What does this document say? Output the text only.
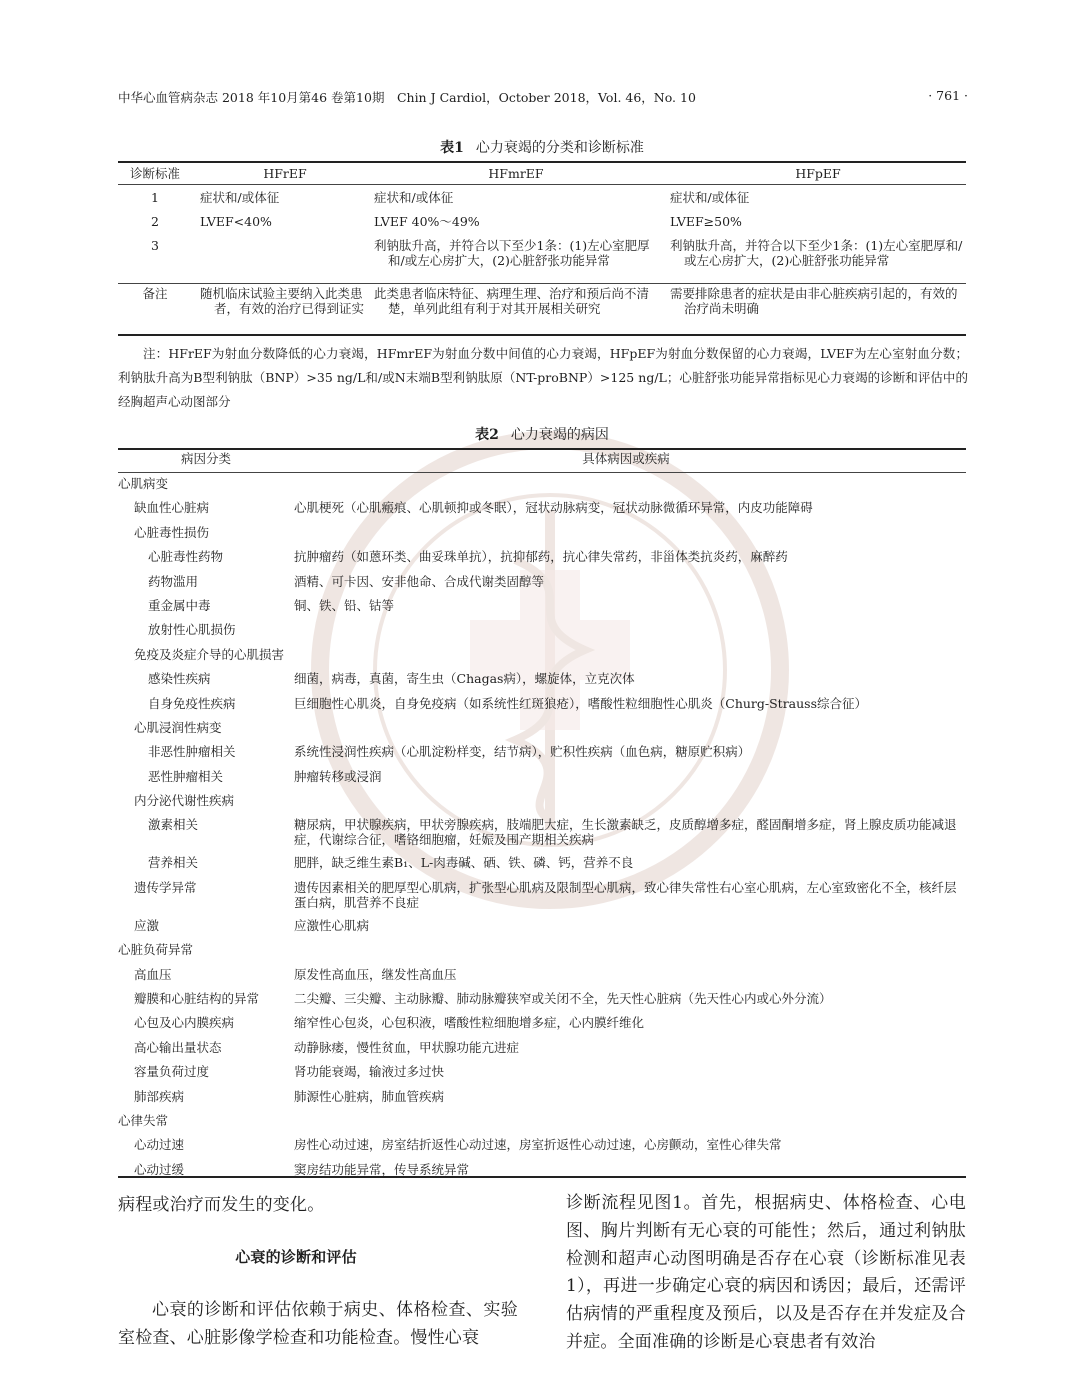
中华心血管病杂志 2018 年10月第46 卷第10期　Chin J Cardiol，October 2018，Vol. 46，No. 10	· 761 ·
表1 心力衰竭的分类和诊断标准
诊断标准	HFrEF	HFmrEF	HFpEF
1	症状和/或体征	症状和/或体征	症状和/或体征
2	LVEF<40%	LVEF 40%～49%	LVEF≥50%
3		利钠肽升高，并符合以下至少1条：(1)左心室肥厚和/或左心房扩大，(2)心脏舒张功能异常	利钠肽升高，并符合以下至少1条：(1)左心室肥厚和/或左心房扩大，(2)心脏舒张功能异常

备注	随机临床试验主要纳入此类患者，有效的治疗已得到证实	此类患者临床特征、病理生理、治疗和预后尚不清楚，单列此组有利于对其开展相关研究	需要排除患者的症状是由非心脏疾病引起的，有效的治疗尚未明确

注：HFrEF为射血分数降低的心力衰竭，HFmrEF为射血分数中间值的心力衰竭，HFpEF为射血分数保留的心力衰竭，LVEF为左心室射血分数；利钠肽升高为B型利钠肽（BNP）>35 ng/L和/或N末端B型利钠肽原（NT-proBNP）>125 ng/L；心脏舒张功能异常指标见心力衰竭的诊断和评估中的经胸超声心动图部分

表2 心力衰竭的病因
病因分类	具体病因或疾病
心肌病变	
缺血性心脏病	心肌梗死（心肌瘢痕、心肌顿抑或冬眠），冠状动脉病变，冠状动脉微循环异常，内皮功能障碍
心脏毒性损伤	
心脏毒性药物	抗肿瘤药（如蒽环类、曲妥珠单抗），抗抑郁药，抗心律失常药，非甾体类抗炎药，麻醉药
药物滥用	酒精、可卡因、安非他命、合成代谢类固醇等
重金属中毒	铜、铁、铅、钴等
放射性心肌损伤	
免疫及炎症介导的心肌损害	
感染性疾病	细菌，病毒，真菌，寄生虫（Chagas病），螺旋体，立克次体
自身免疫性疾病	巨细胞性心肌炎，自身免疫病（如系统性红斑狼疮），嗜酸性粒细胞性心肌炎（Churg-Strauss综合征）
心肌浸润性病变	
非恶性肿瘤相关	系统性浸润性疾病（心肌淀粉样变，结节病），贮积性疾病（血色病，糖原贮积病）
恶性肿瘤相关	肿瘤转移或浸润
内分泌代谢性疾病	
激素相关	糖尿病，甲状腺疾病，甲状旁腺疾病，肢端肥大症，生长激素缺乏，皮质醇增多症，醛固酮增多症，肾上腺皮质功能减退症，代谢综合征，嗜铬细胞瘤，妊娠及围产期相关疾病
营养相关	肥胖，缺乏维生素B₁、L-肉毒碱、硒、铁、磷、钙，营养不良
遗传学异常	遗传因素相关的肥厚型心肌病，扩张型心肌病及限制型心肌病，致心律失常性右心室心肌病，左心室致密化不全，核纤层蛋白病，肌营养不良症
应激	应激性心肌病
心脏负荷异常	
高血压	原发性高血压，继发性高血压
瓣膜和心脏结构的异常	二尖瓣、三尖瓣、主动脉瓣、肺动脉瓣狭窄或关闭不全，先天性心脏病（先天性心内或心外分流）
心包及心内膜疾病	缩窄性心包炎，心包积液，嗜酸性粒细胞增多症，心内膜纤维化
高心输出量状态	动静脉瘘，慢性贫血，甲状腺功能亢进症
容量负荷过度	肾功能衰竭，输液过多过快
肺部疾病	肺源性心脏病，肺血管疾病
心律失常	
心动过速	房性心动过速，房室结折返性心动过速，房室折返性心动过速，心房颤动，室性心律失常
心动过缓	窦房结功能异常，传导系统异常

病程或治疗而发生的变化。

心衰的诊断和评估

心衰的诊断和评估依赖于病史、体格检查、实验室检查、心脏影像学检查和功能检查。慢性心衰

诊断流程见图1。首先，根据病史、体格检查、心电图、胸片判断有无心衰的可能性；然后，通过利钠肽检测和超声心动图明确是否存在心衰（诊断标准见表1），再进一步确定心衰的病因和诱因；最后，还需评估病情的严重程度及预后，以及是否存在并发症及合并症。全面准确的诊断是心衰患者有效治
